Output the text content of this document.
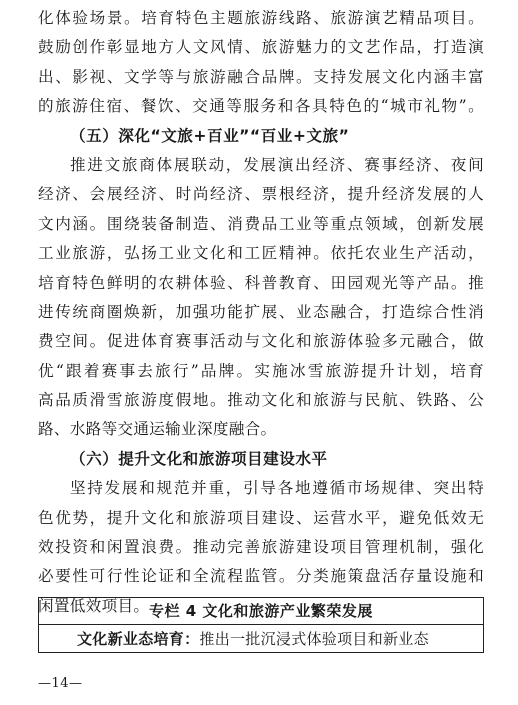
化体验场景。培育特色主题旅游线路、旅游演艺精品项目。
鼓励创作彰显地方人文风情、旅游魅力的文艺作品，打造演
出、影视、文学等与旅游融合品牌。支持发展文化内涵丰富
的旅游住宿、餐饮、交通等服务和各具特色的“城市礼物”。
（五）深化“文旅+百业”“百业+文旅”
推进文旅商体展联动，发展演出经济、赛事经济、夜间
经济、会展经济、时尚经济、票根经济，提升经济发展的人
文内涵。围绕装备制造、消费品工业等重点领域，创新发展
工业旅游，弘扬工业文化和工匠精神。依托农业生产活动，
培育特色鲜明的农耕体验、科普教育、田园观光等产品。推
进传统商圈焕新，加强功能扩展、业态融合，打造综合性消
费空间。促进体育赛事活动与文化和旅游体验多元融合，做
优“跟着赛事去旅行”品牌。实施冰雪旅游提升计划，培育
高品质滑雪旅游度假地。推动文化和旅游与民航、铁路、公
路、水路等交通运输业深度融合。
（六）提升文化和旅游项目建设水平
坚持发展和规范并重，引导各地遵循市场规律、突出特
色优势，提升文化和旅游项目建设、运营水平，避免低效无
效投资和闲置浪费。推动完善旅游建设项目管理机制，强化
必要性可行性论证和全流程监管。分类施策盘活存量设施和
闲置低效项目。 专栏 4 文化和旅游产业繁荣发展
文化新业态培育：推出一批沉浸式体验项目和新业态
—14—
